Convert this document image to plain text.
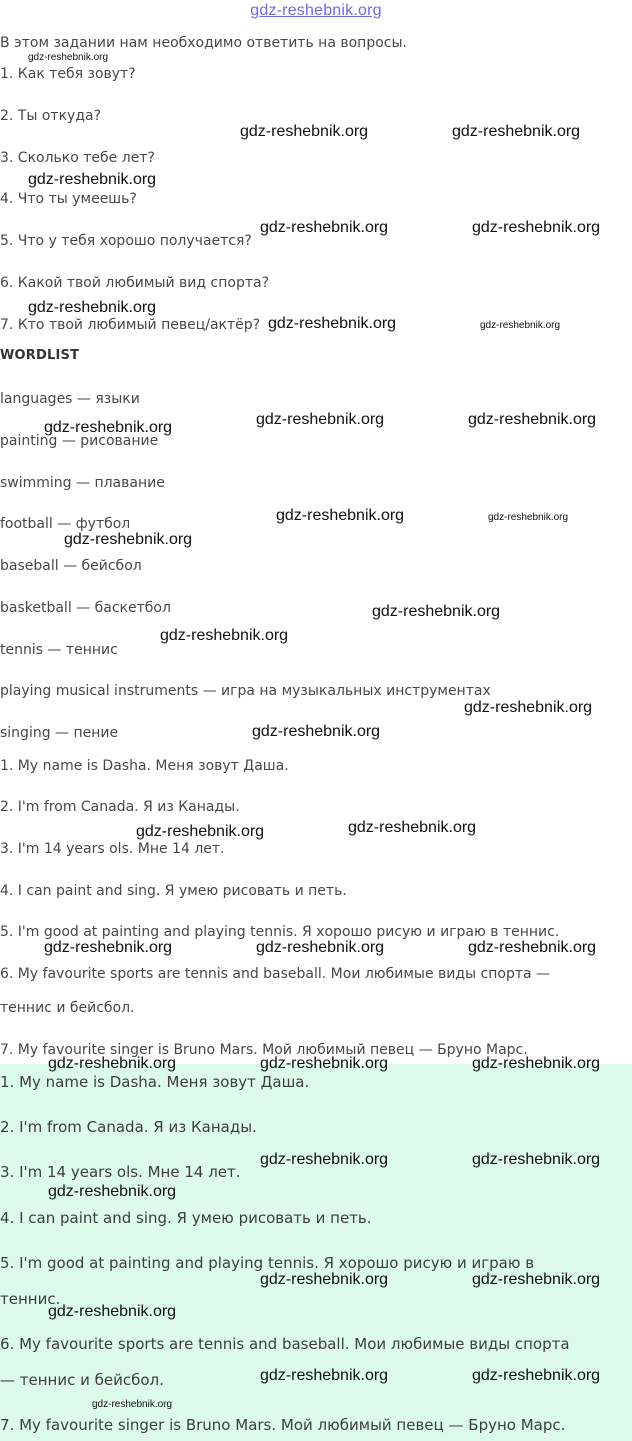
gdz-reshebnik.org
В этом задании нам необходимо ответить на вопросы.
1. Как тебя зовут?
2. Ты откуда?
3. Сколько тебе лет?
4. Что ты умеешь?
5. Что у тебя хорошо получается?
6. Какой твой любимый вид спорта?
7. Кто твой любимый певец/актёр?
WORDLIST
languages — языки
painting — рисование
swimming — плавание
football — футбол
baseball — бейсбол
basketball — баскетбол
tennis — теннис
playing musical instruments — игра на музыкальных инструментах
singing — пение
1. My name is Dasha. Меня зовут Даша.
2. I'm from Canada. Я из Канады.
3. I'm 14 years ols. Мне 14 лет.
4. I can paint and sing. Я умею рисовать и петь.
5. I'm good at painting and playing tennis. Я хорошо рисую и играю в теннис.
6. My favourite sports are tennis and baseball. Мои любимые виды спорта —
теннис и бейсбол.
7. My favourite singer is Bruno Mars. Мой любимый певец — Бруно Марс.
1. My name is Dasha. Меня зовут Даша.
2. I'm from Canada. Я из Канады.
3. I'm 14 years ols. Мне 14 лет.
4. I can paint and sing. Я умею рисовать и петь.
5. I'm good at painting and playing tennis. Я хорошо рисую и играю в
теннис.
6. My favourite sports are tennis and baseball. Мои любимые виды спорта
— теннис и бейсбол.
7. My favourite singer is Bruno Mars. Мой любимый певец — Бруно Марс.
gdz-reshebnik.org
gdz-reshebnik.org	gdz-reshebnik.org
gdz-reshebnik.org
gdz-reshebnik.org	gdz-reshebnik.org
gdz-reshebnik.org
gdz-reshebnik.org	gdz-reshebnik.org
gdz-reshebnik.org	gdz-reshebnik.org
gdz-reshebnik.org
gdz-reshebnik.org	gdz-reshebnik.org
gdz-reshebnik.org
gdz-reshebnik.org
gdz-reshebnik.org
gdz-reshebnik.org
gdz-reshebnik.org
gdz-reshebnik.org
gdz-reshebnik.org
gdz-reshebnik.org	gdz-reshebnik.org	gdz-reshebnik.org
gdz-reshebnik.org	gdz-reshebnik.org	gdz-reshebnik.org
gdz-reshebnik.org	gdz-reshebnik.org
gdz-reshebnik.org
gdz-reshebnik.org	gdz-reshebnik.org
gdz-reshebnik.org
gdz-reshebnik.org	gdz-reshebnik.org
gdz-reshebnik.org
